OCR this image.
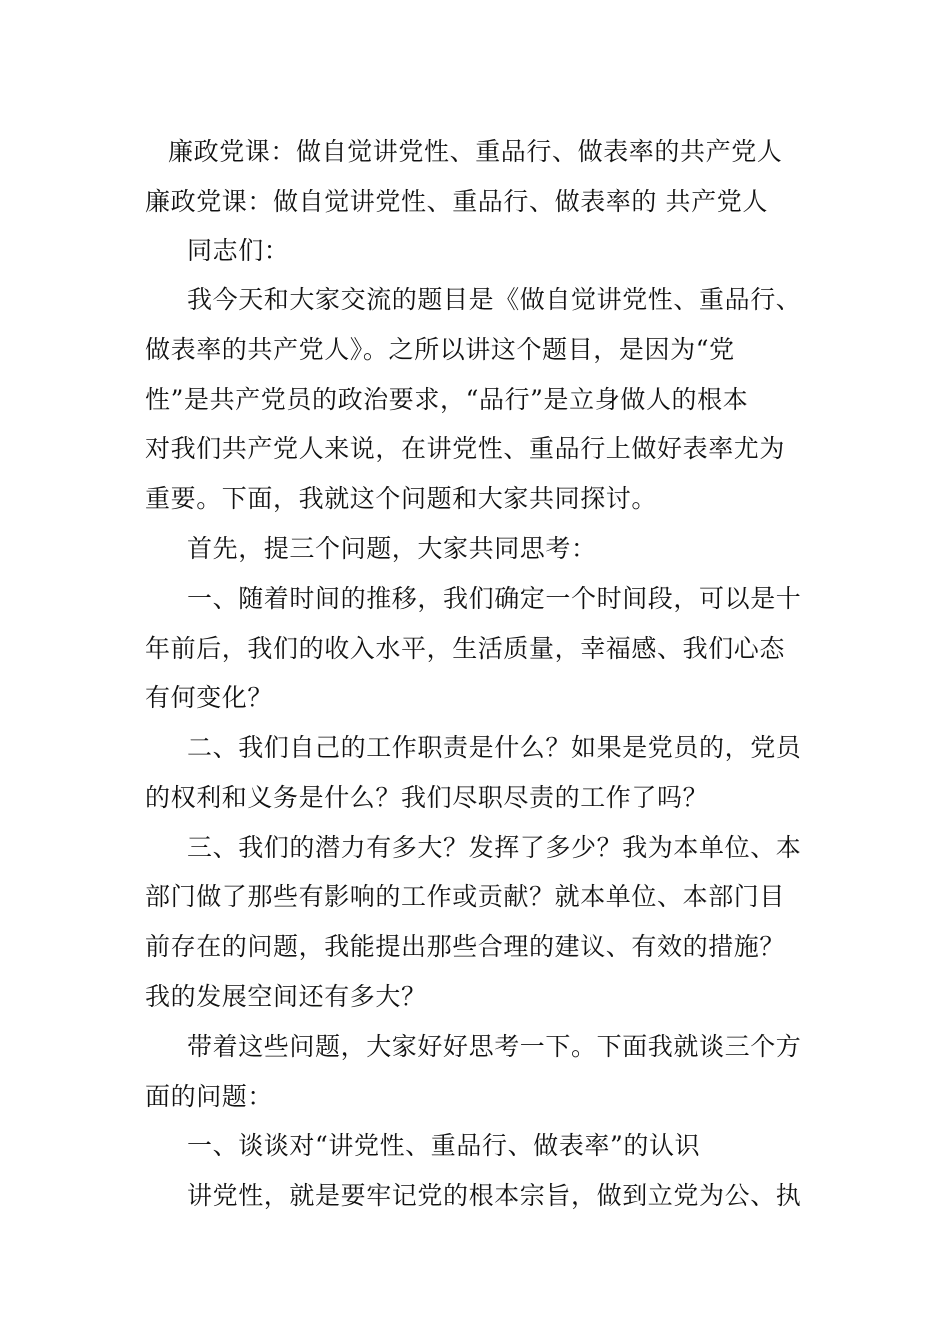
廉政党课：做自觉讲党性、重品行、做表率的共产党人
廉政党课：做自觉讲党性、重品行、做表率的 共产党人
同志们：
我今天和大家交流的题目是《做自觉讲党性、重品行、
做表率的共产党人》。之所以讲这个题目，是因为“党
性”是共产党员的政治要求，“品行”是立身做人的根本
对我们共产党人来说，在讲党性、重品行上做好表率尤为
重要。下面，我就这个问题和大家共同探讨。
首先，提三个问题，大家共同思考：
一、随着时间的推移，我们确定一个时间段，可以是十
年前后，我们的收入水平，生活质量，幸福感、我们心态
有何变化？
二、我们自己的工作职责是什么？如果是党员的，党员
的权利和义务是什么？我们尽职尽责的工作了吗？
三、我们的潜力有多大？发挥了多少？我为本单位、本
部门做了那些有影响的工作或贡献？就本单位、本部门目
前存在的问题，我能提出那些合理的建议、有效的措施？
我的发展空间还有多大？
带着这些问题，大家好好思考一下。下面我就谈三个方
面的问题：
一、谈谈对“讲党性、重品行、做表率”的认识
讲党性，就是要牢记党的根本宗旨，做到立党为公、执
